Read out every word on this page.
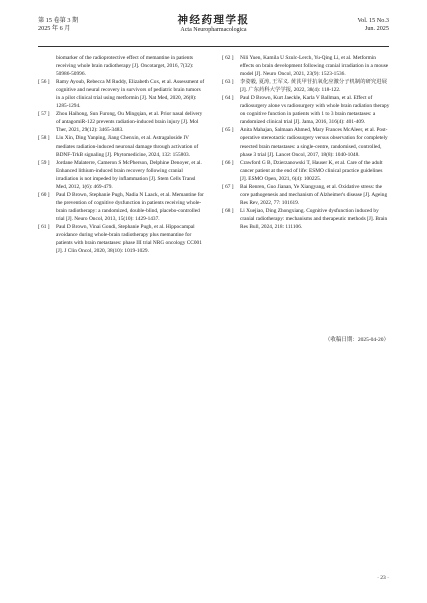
第 15 卷第 3 期
2025 年 6 月
神经药理学报
Acta Neuropharmacologica
Vol. 15 No.3
Jun. 2025
biomarker of the radioprotective effect of memantine in patients receiving whole brain radiotherapy [J]. Oncotarget, 2016, 7(32): 50986-50996.
[ 56 ] Ramy Ayoub, Rebecca M Ruddy, Elizabeth Cox, et al. Assessment of cognitive and neural recovery in survivors of pediatric brain tumors in a pilot clinical trial using metformin [J]. Nat Med, 2020, 26(8): 1285-1294.
[ 57 ] Zhou Haihong, Sun Furong, Ou Mingqian, et al. Prior nasal delivery of antagomiR-122 prevents radiation-induced brain injury [J]. Mol Ther, 2021, 29(12): 3465-3483.
[ 58 ] Liu Xin, Ding Yanping, Jiang Chenxin, et al. Astragaloside IV mediates radiation-induced neuronal damage through activation of BDNF-TrkB signaling [J]. Phytomedicine, 2024, 132: 155803.
[ 59 ] Jordane Malaterre, Cameron S McPherson, Delphine Denoyer, et al. Enhanced lithium-induced brain recovery following cranial irradiation is not impeded by inflammation [J]. Stem Cells Transl Med, 2012, 1(6): 469-479.
[ 60 ] Paul D Brown, Stephanie Pugh, Nadia N Laack, et al. Memantine for the prevention of cognitive dysfunction in patients receiving whole-brain radiotherapy: a randomized, double-blind, placebo-controlled trial [J]. Neuro Oncol, 2013, 15(10): 1429-1437.
[ 61 ] Paul D Brown, Vinai Gondi, Stephanie Pugh, et al. Hippocampal avoidance during whole-brain radiotherapy plus memantine for patients with brain metastases: phase III trial NRG oncology CC001 [J]. J Clin Oncol, 2020, 38(10): 1019-1029.
[ 62 ] Nili Yuen, Kamila U Szulc-Lerch, Yu-Qing Li, et al. Metformin effects on brain development following cranial irradiation in a mouse model [J]. Neuro Oncol, 2021, 23(9): 1523-1536.
[ 63 ] 李姿毅, 夏涛, 王军义. 黄芪甲苷抗氧化应激分子机制的研究进展 [J]. 广东药科大学学报, 2022, 38(4): 118-122.
[ 64 ] Paul D Brown, Kurt Jaeckle, Karla V Ballman, et al. Effect of radiosurgery alone vs radiosurgery with whole brain radiation therapy on cognitive function in patients with 1 to 3 brain metastases: a randomized clinical trial [J]. Jama, 2016, 316(4): 401-409.
[ 65 ] Anita Mahajan, Salmaan Ahmed, Mary Frances McAleer, et al. Post-operative stereotactic radiosurgery versus observation for completely resected brain metastases: a single-centre, randomised, controlled, phase 3 trial [J]. Lancet Oncol, 2017, 18(8): 1040-1048.
[ 66 ] Crawford G B, Dzierzanowski T, Hauser K, et al. Care of the adult cancer patient at the end of life: ESMO clinical practice guidelines [J]. ESMO Open, 2021, 6(4): 100225.
[ 67 ] Bai Renren, Guo Jianan, Ye Xiangyang, et al. Oxidative stress: the core pathogenesis and mechanism of Alzheimer's disease [J]. Ageing Res Rev, 2022, 77: 101619.
[ 68 ] Li Xuejiao, Ding Zhongxiang. Cognitive dysfunction induced by cranial radiotherapy: mechanisms and therapeutic methods [J]. Brain Res Bull, 2024, 218: 111106.
（收稿日期：2025-04-20）
· 23 ·
